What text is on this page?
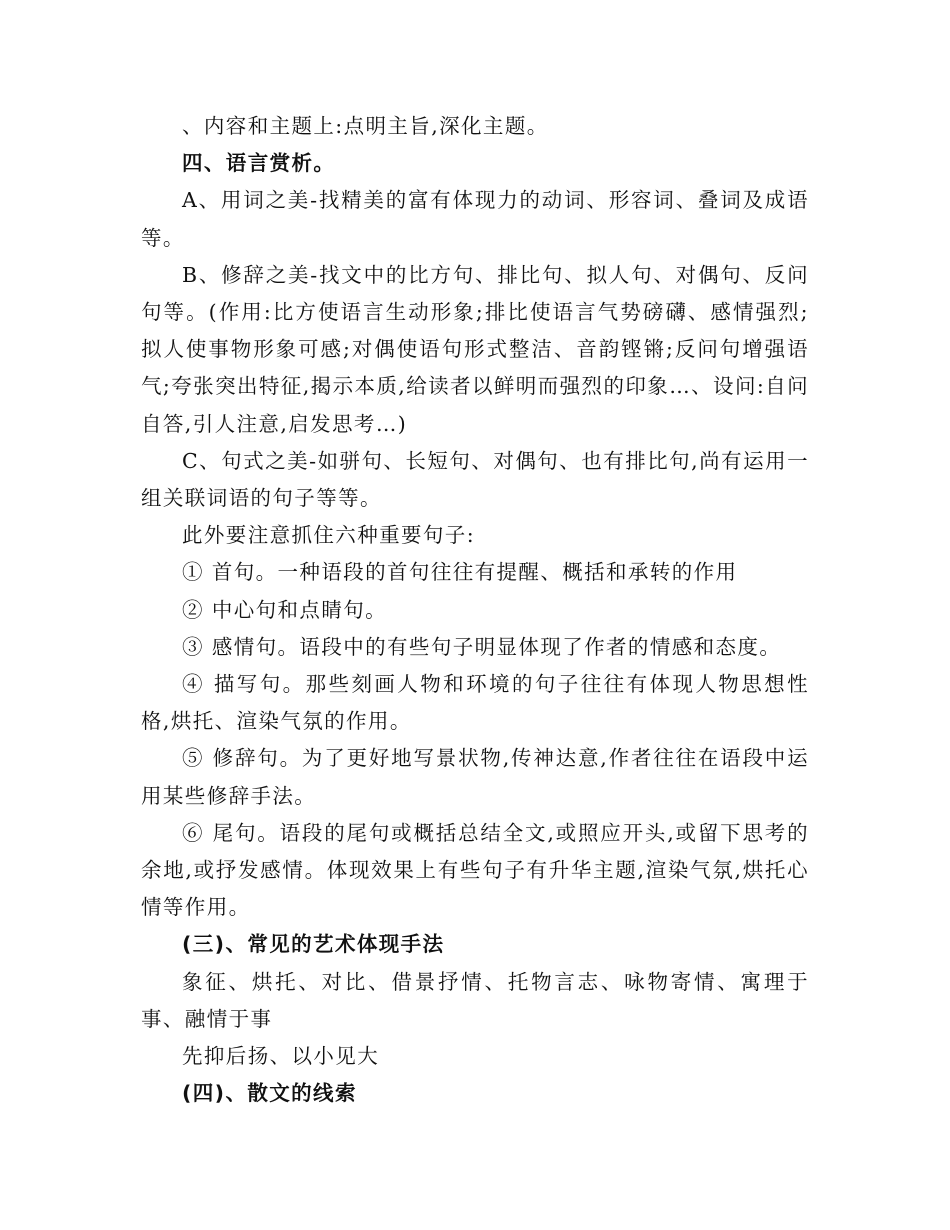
、内容和主题上:点明主旨,深化主题。

四、语言赏析。

A、用词之美-找精美的富有体现力的动词、形容词、叠词及成语等。

B、修辞之美-找文中的比方句、排比句、拟人句、对偶句、反问句等。(作用:比方使语言生动形象;排比使语言气势磅礴、感情强烈;拟人使事物形象可感;对偶使语句形式整洁、音韵铿锵;反问句增强语气;夸张突出特征,揭示本质,给读者以鲜明而强烈的印象…、设问:自问自答,引人注意,启发思考…)

C、句式之美-如骈句、长短句、对偶句、也有排比句,尚有运用一组关联词语的句子等等。

此外要注意抓住六种重要句子:

① 首句。一种语段的首句往往有提醒、概括和承转的作用

② 中心句和点睛句。

③ 感情句。语段中的有些句子明显体现了作者的情感和态度。

④ 描写句。那些刻画人物和环境的句子往往有体现人物思想性格,烘托、渲染气氛的作用。

⑤ 修辞句。为了更好地写景状物,传神达意,作者往往在语段中运用某些修辞手法。

⑥ 尾句。语段的尾句或概括总结全文,或照应开头,或留下思考的余地,或抒发感情。体现效果上有些句子有升华主题,渲染气氛,烘托心情等作用。

(三)、常见的艺术体现手法

象征、烘托、对比、借景抒情、托物言志、咏物寄情、寓理于事、融情于事

先抑后扬、以小见大

(四)、散文的线索
